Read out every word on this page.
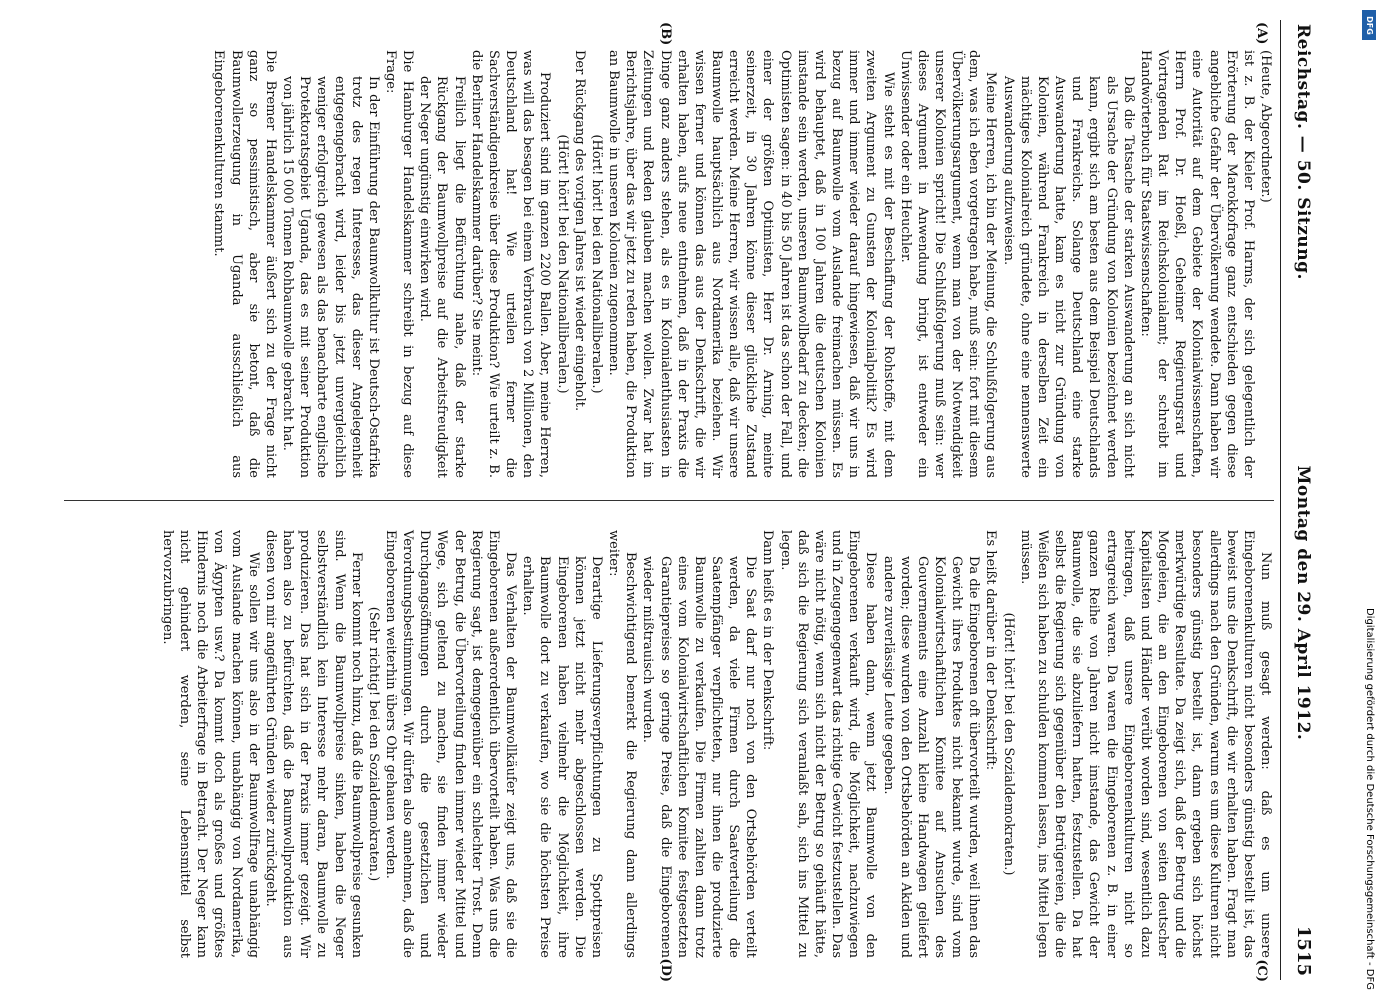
Reichstag. — 50. Sitzung.
Montag den 29. April 1912.
1515
(A)
(B)

(Heute, Abgeordneter.)

ist z. B. der Kieler Prof. Harms, der sich gelegentlich der Erörterung der Marokkofrage ganz entschieden gegen diese angebliche Gefahr der Übervölkerung wendete. Dann haben wir eine Autorität auf dem Gebiete der Kolonialwissenschaften, Herrn Prof. Dr. Hoeßl, Geheimer Regierungsrat und Vortragenden Rat im Reichskolonialamt; der schreibt im Handwörterbuch für Staatswissenschaften:

Daß die Tatsache der starken Auswanderung an sich nicht als Ursache der Gründung von Kolonien bezeichnet werden kann, ergibt sich am besten aus dem Beispiel Deutschlands und Frankreichs. Solange Deutschland eine starke Auswanderung hatte, kam es nicht zur Gründung von Kolonien, während Frankreich in derselben Zeit ein mächtiges Kolonialreich gründete, ohne eine nennenswerte Auswanderung aufzuweisen.

Meine Herren, ich bin der Meinung, die Schlußfolgerung aus dem, was ich eben vorgetragen habe, muß sein: fort mit diesem Übervölkerungsargument, wenn man von der Notwendigkeit unserer Kolonien spricht! Die Schlußfolgerung muß sein: wer dieses Argument in Anwendung bringt, ist entweder ein Unwissender oder ein Heuchler.

Wie steht es mit der Beschaffung der Rohstoffe, mit dem zweiten Argument zu Gunsten der Kolonialpolitik? Es wird immer und immer wieder darauf hingewiesen, daß wir uns in bezug auf Baumwolle vom Auslande freimachen müssen. Es wird behauptet, daß in 100 Jahren die deutschen Kolonien imstande sein werden, unseren Baumwollbedarf zu decken; die Optimisten sagen: in 40 bis 50 Jahren ist das schon der Fall, und einer der größten Optimisten, Herr Dr. Arning, meinte seinerzeit, in 30 Jahren könne dieser glückliche Zustand erreicht werden. Meine Herren, wir wissen alle, daß wir unsere Baumwolle hauptsächlich aus Nordamerika beziehen. Wir wissen ferner und können das aus der Denkschrift, die wir erhalten haben, aufs neue entnehmen, daß in der Praxis die Dinge ganz anders stehen, als es in Kolonialenthusiasten in Zeitungen und Reden glauben machen wollen. Zwar hat im Berichtsjahre, über das wir jetzt zu reden haben, die Produktion an Baumwolle in unseren Kolonien zugenommen.

(Hört! hört! bei den Nationalliberalen.)

Der Rückgang des vorigen Jahres ist wieder eingeholt.

(Hört! hört! bei den Nationalliberalen.)

Produziert sind im ganzen 2200 Ballen. Aber, meine Herren, was will das besagen bei einem Verbrauch von 2 Millionen, den Deutschland hat! Wie urteilen ferner die Sachverständigenkreise über diese Produktion? Wie urteilt z. B. die Berliner Handelskammer darüber? Sie meint:

Freilich liegt die Befürchtung nahe, daß der starke Rückgang der Baumwollpreise auf die Arbeitsfreudigkeit der Neger ungünstig einwirken wird.

Die Hamburger Handelskammer schreibt in bezug auf diese Frage:

In der Einführung der Baumwollkultur ist Deutsch-Ostafrika trotz des regen Interesses, das dieser Angelegenheit entgegengebracht wird, leider bis jetzt unvergleichlich weniger erfolgreich gewesen als das benachbarte englische Protektoratsgebiet Uganda, das es mit seiner Produktion von jährlich 15 000 Tonnen Rohbaumwolle gebracht hat.

Die Bremer Handelskammer äußert sich zu der Frage nicht ganz so pessimistisch, aber sie betont, daß die Baumwollerzeugung in Uganda ausschließlich aus Eingeborenenkulturen stammt.

(C)
(D)

Nun muß gesagt werden: daß es um unsere Eingeborenenkulturen nicht besonders günstig bestellt ist, das beweist uns die Denkschrift, die wir erhalten haben. Fragt man allerdings nach den Gründen, warum es um diese Kulturen nicht besonders günstig bestellt ist, dann ergeben sich höchst merkwürdige Resultate. Da zeigt sich, daß der Betrug und die Mogeleien, die an den Eingeborenen von seiten deutscher Kapitalisten und Händler verübt worden sind, wesentlich dazu beitragen, daß unsere Eingeborenenkulturen nicht so ertragreich waren. Da waren die Eingeborenen z. B. in einer ganzen Reihe von Jahren nicht imstande, das Gewicht der Baumwolle, die sie abzuliefern hatten, festzustellen. Da hat selbst die Regierung sich gegenüber den Betrügereien, die die Weißen sich haben zu schulden kommen lassen, ins Mittel legen müssen.

(Hört! hört! bei den Sozialdemokraten.)

Es heißt darüber in der Denkschrift:

Da die Eingeborenen oft übervorteilt wurden, weil ihnen das Gewicht ihres Produktes nicht bekannt wurde, sind vom Kolonialwirtschaftlichen Komitee auf Ansuchen des Gouvernements eine Anzahl kleine Handwagen geliefert worden; diese wurden von den Ortsbehörden an Akiden und andere zuverlässige Leute gegeben.

Diese haben dann, wenn jetzt Baumwolle von den Eingeborenen verkauft wird, die Möglichkeit, nachzuwiegen und in Zeugengegenwart das richtige Gewicht festzustellen. Das wäre nicht nötig, wenn sich nicht der Betrug so gehäuft hätte, daß sich die Regierung sich veranlaßt sah, sich ins Mittel zu legen.

Dann heißt es in der Denkschrift:

Die Saat darf nur noch von den Ortsbehörden verteilt werden, da viele Firmen durch Saatverteilung die Saatempfänger verpflichteten, nur ihnen die produzierte Baumwolle zu verkaufen. Die Firmen zahlten dann trotz eines vom Kolonialwirtschaftlichen Komitee festgesetzten Garantiepreises so geringe Preise, daß die Eingeborenen wieder mißtrauisch wurden.

Beschwichtigend bemerkt die Regierung dann allerdings weiter:

Derartige Lieferungsverpflichtungen zu Spottpreisen können jetzt nicht mehr abgeschlossen werden. Die Eingeborenen haben vielmehr die Möglichkeit, ihre Baumwolle dort zu verkaufen, wo sie die höchsten Preise erhalten.

Das Verhalten der Baumwollkäufer zeigt uns, daß sie die Eingeborenen außerordentlich übervorteilt haben. Was uns die Regierung sagt, ist demgegenüber ein schlechter Trost. Denn der Betrug, die Übervorteilung finden immer wieder Mittel und Wege, sich geltend zu machen, sie finden immer wieder Durchgangsöffnungen durch die gesetzlichen und Verordnungsbestimmungen. Wir dürfen also annehmen, daß die Eingeborenen weiterhin übers Ohr gehauen werden.

(Sehr richtig! bei den Sozialdemokraten.)

Ferner kommt noch hinzu, daß die Baumwollpreise gesunken sind. Wenn die Baumwollpreise sinken, haben die Neger selbstverständlich kein Interesse mehr daran, Baumwolle zu produzieren. Das hat sich in der Praxis immer gezeigt. Wir haben also zu befürchten, daß die Baumwollproduktion aus diesen von mir angeführten Gründen wieder zurückgeht.

Wie sollen wir uns also in der Baumwollfrage unabhängig vom Auslande machen können, unabhängig von Nordamerika, von Ägypten usw.? Da kommt doch als großes und größtes Hindernis noch die Arbeiterfrage in Betracht. Der Neger kann nicht gehindert werden, seine Lebensmittel selbst hervorzubringen.

Digitalisierung gefördert durch die Deutsche Forschungsgemeinschaft - DFG
DFG
